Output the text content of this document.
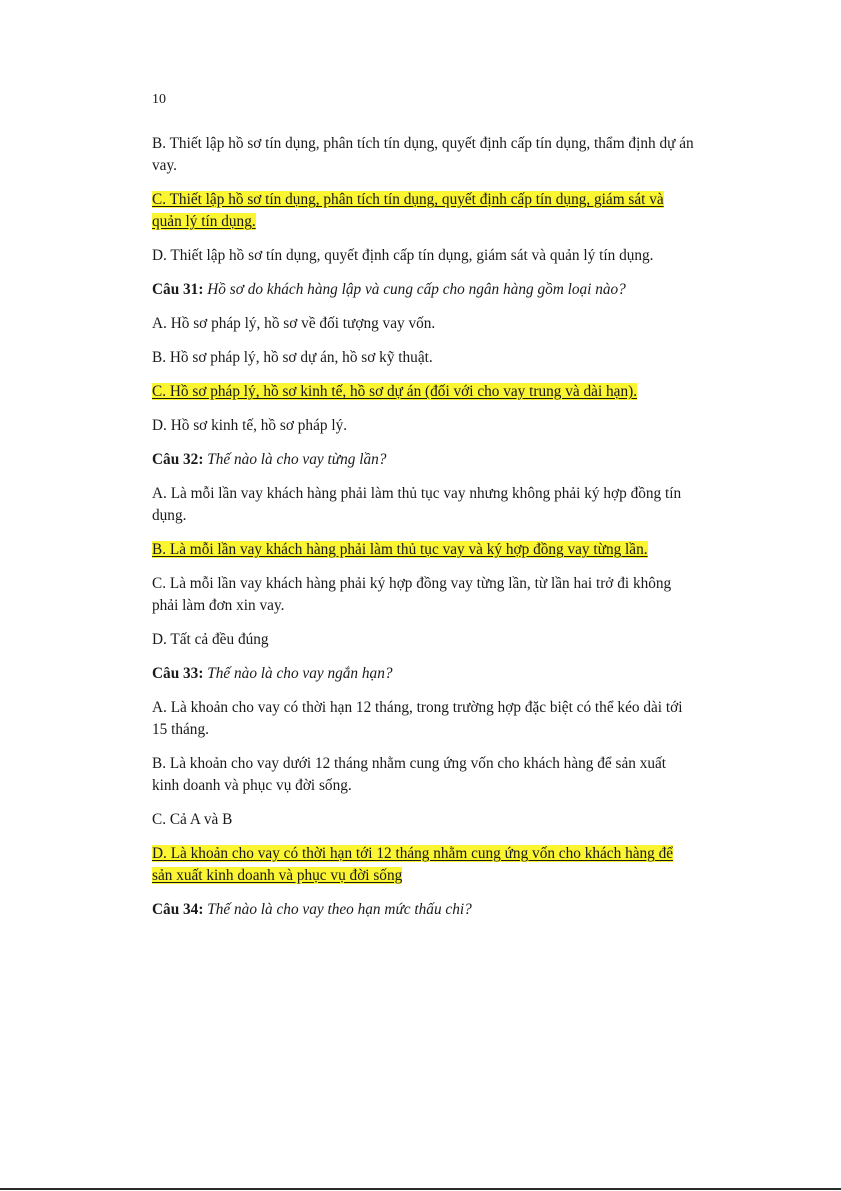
10

B. Thiết lập hồ sơ tín dụng, phân tích tín dụng, quyết định cấp tín dụng, thẩm định dự án vay.

C. Thiết lập hồ sơ tín dụng, phân tích tín dụng, quyết định cấp tín dụng, giám sát và quản lý tín dụng.

D. Thiết lập hồ sơ tín dụng, quyết định cấp tín dụng, giám sát và quản lý tín dụng.

Câu 31: Hồ sơ do khách hàng lập và cung cấp cho ngân hàng gồm loại nào?

A. Hồ sơ pháp lý, hồ sơ về đối tượng vay vốn.

B. Hồ sơ pháp lý, hồ sơ dự án, hồ sơ kỹ thuật.

C. Hồ sơ pháp lý, hồ sơ kinh tế, hồ sơ dự án (đối với cho vay trung và dài hạn).

D. Hồ sơ kinh tế, hồ sơ pháp lý.

Câu 32: Thế nào là cho vay từng lần?

A. Là mỗi lần vay khách hàng phải làm thủ tục vay nhưng không phải ký hợp đồng tín dụng.

B. Là mỗi lần vay khách hàng phải làm thủ tục vay và ký hợp đồng vay từng lần.

C. Là mỗi lần vay khách hàng phải ký hợp đồng vay từng lần, từ lần hai trở đi không phải làm đơn xin vay.

D. Tất cả đều đúng

Câu 33: Thế nào là cho vay ngắn hạn?

A. Là khoản cho vay có thời hạn 12 tháng, trong trường hợp đặc biệt có thể kéo dài tới 15 tháng.

B. Là khoản cho vay dưới 12 tháng nhằm cung ứng vốn cho khách hàng để sản xuất kinh doanh và phục vụ đời sống.

C. Cả A và B

D. Là khoản cho vay có thời hạn tới 12 tháng nhằm cung ứng vốn cho khách hàng để sản xuất kinh doanh và phục vụ đời sống

Câu 34: Thế nào là cho vay theo hạn mức thấu chi?
